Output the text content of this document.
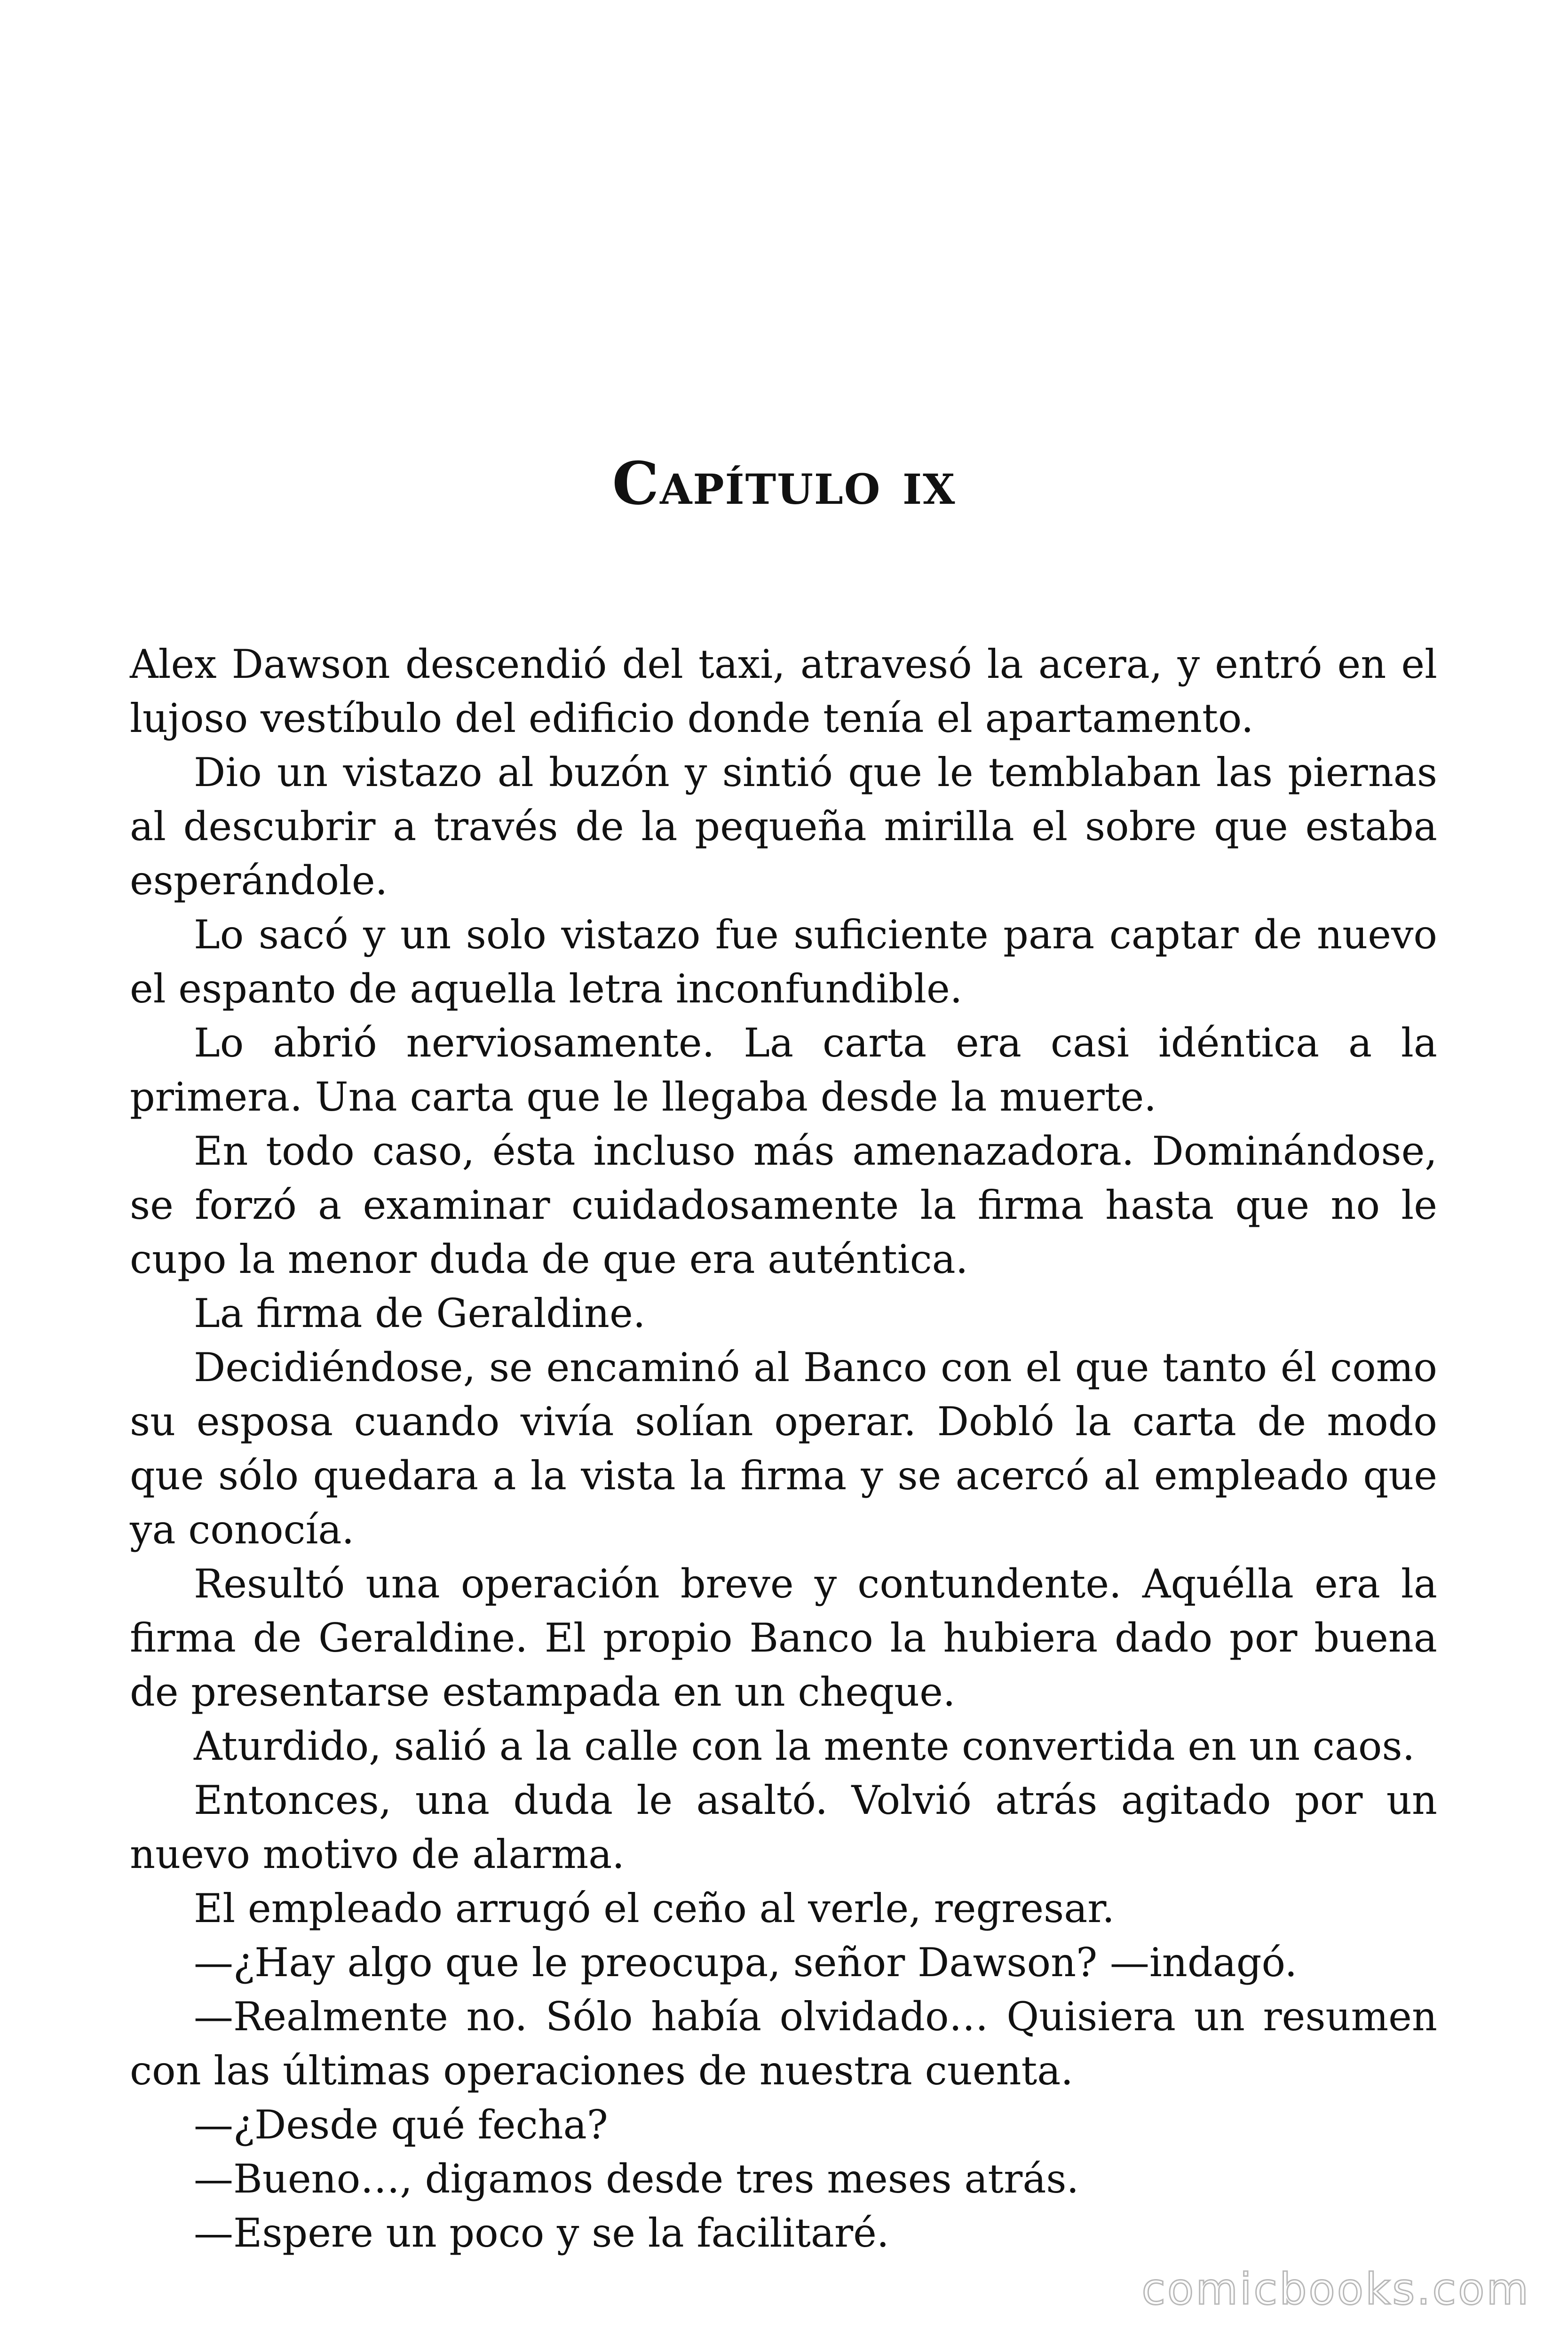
Capítulo ix

Alex Dawson descendió del taxi, atravesó la acera, y entró en el lujoso vestíbulo del edificio donde tenía el apartamento.

Dio un vistazo al buzón y sintió que le temblaban las piernas al descubrir a través de la pequeña mirilla el sobre que estaba esperándole.

Lo sacó y un solo vistazo fue suficiente para captar de nuevo el espanto de aquella letra inconfundible.

Lo abrió nerviosamente. La carta era casi idéntica a la primera. Una carta que le llegaba desde la muerte.

En todo caso, ésta incluso más amenazadora. Dominándose, se forzó a examinar cuidadosamente la firma hasta que no le cupo la menor duda de que era auténtica.

La firma de Geraldine.

Decidiéndose, se encaminó al Banco con el que tanto él como su esposa cuando vivía solían operar. Dobló la carta de modo que sólo quedara a la vista la firma y se acercó al empleado que ya conocía.

Resultó una operación breve y contundente. Aquélla era la firma de Geraldine. El propio Banco la hubiera dado por buena de presentarse estampada en un cheque.

Aturdido, salió a la calle con la mente convertida en un caos.

Entonces, una duda le asaltó. Volvió atrás agitado por un nuevo motivo de alarma.

El empleado arrugó el ceño al verle, regresar.

—¿Hay algo que le preocupa, señor Dawson? —indagó.

—Realmente no. Sólo había olvidado… Quisiera un resumen con las últimas operaciones de nuestra cuenta.

—¿Desde qué fecha?

—Bueno…, digamos desde tres meses atrás.

—Espere un poco y se la facilitaré.

comicbooks.com
